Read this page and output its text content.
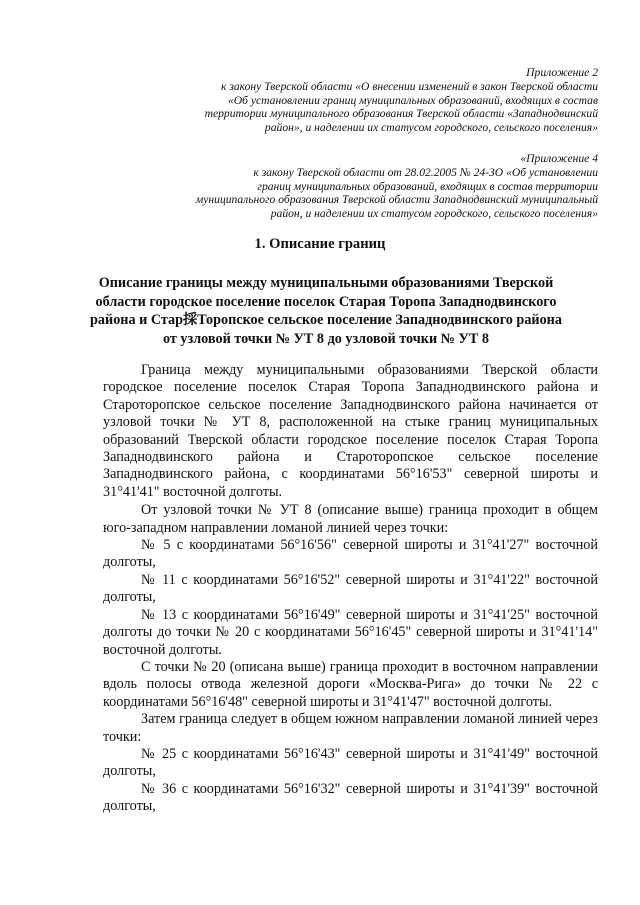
Приложение 2
к закону Тверской области «О внесении изменений в закон Тверской области
«Об установлении границ муниципальных образований, входящих в состав
территории муниципального образования Тверской области «Западнодвинский
район», и наделении их статусом городского, сельского поселения»
«Приложение 4
к закону Тверской области от 28.02.2005 № 24-ЗО «Об установлении
границ муниципальных образований, входящих в состав территории
муниципального образования Тверской области Западнодвинский муниципальный
район, и наделении их статусом городского, сельского поселения»
1. Описание границ
Описание границы между муниципальными образованиями Тверской
области городское поселение поселок Старая Торопа Западнодвинского
района и Стар採Торопское сельское поселение Западнодвинского района
от узловой точки № УТ 8 до узловой точки № УТ 8

Граница между муниципальными образованиями Тверской области городское поселение поселок Старая Торопа Западнодвинского района и Староторопское сельское поселение Западнодвинского района начинается от узловой точки № УТ 8, расположенной на стыке границ муниципальных образований Тверской области городское поселение поселок Старая Торопа Западнодвинского района и Староторопское сельское поселение Западнодвинского района, с координатами 56°16'53" северной широты и 31°41'41" восточной долготы.

От узловой точки № УТ 8 (описание выше) граница проходит в общем юго-западном направлении ломаной линией через точки:

№ 5 с координатами 56°16'56" северной широты и 31°41'27" восточной долготы,

№ 11 с координатами 56°16'52" северной широты и 31°41'22" восточной долготы,

№ 13 с координатами 56°16'49" северной широты и 31°41'25" восточной долготы до точки № 20 с координатами 56°16'45" северной широты и 31°41'14" восточной долготы.

С точки № 20 (описана выше) граница проходит в восточном направлении вдоль полосы отвода железной дороги «Москва-Рига» до точки № 22 с координатами 56°16'48" северной широты и 31°41'47" восточной долготы.

Затем граница следует в общем южном направлении ломаной линией через точки:

№ 25 с координатами 56°16'43" северной широты и 31°41'49" восточной долготы,

№ 36 с координатами 56°16'32" северной широты и 31°41'39" восточной долготы,
